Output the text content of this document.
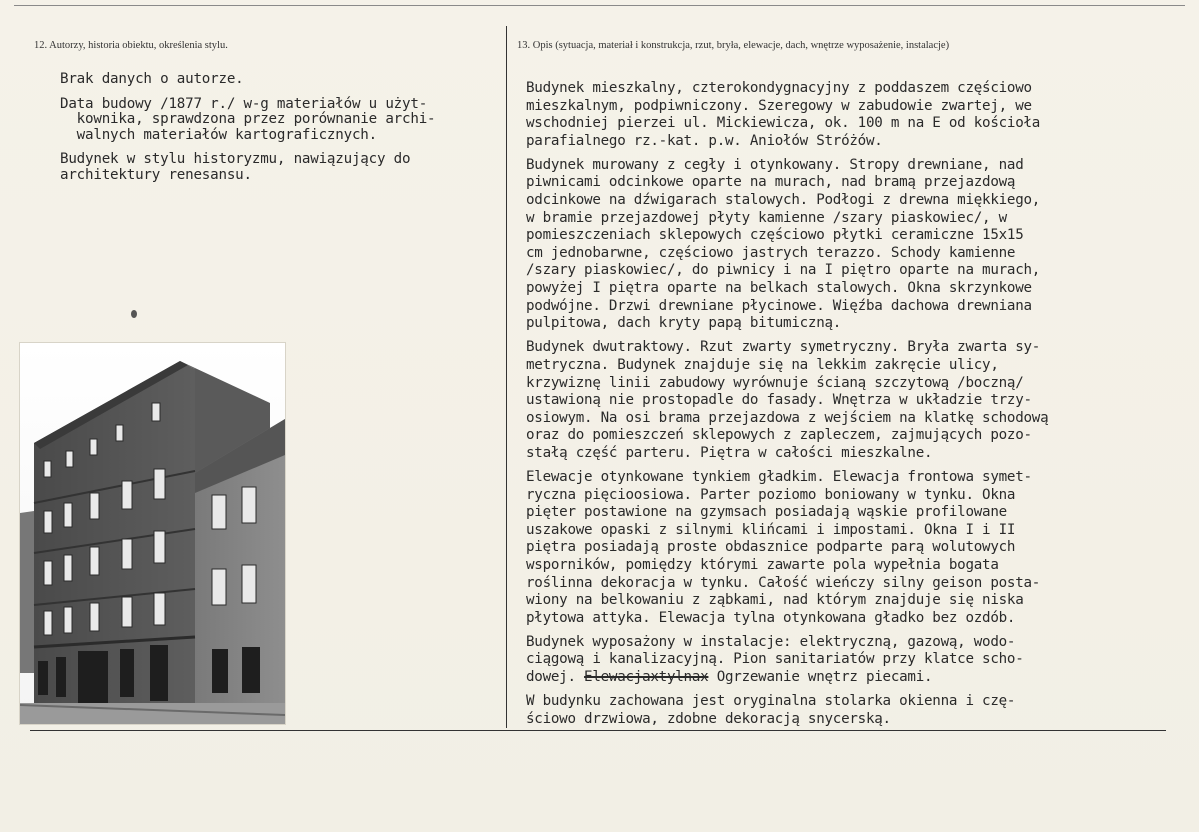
12. Autorzy, historia obiektu, określenia stylu.	13. Opis (sytuacja, materiał i konstrukcja, rzut, bryła, elewacje, dach, wnętrze wyposażenie, instalacje)
Brak danych o autorze.
Data budowy /1877 r./ w-g materiałów u użyt-
kownika, sprawdzona przez porównanie archi-
walnych materiałów kartograficznych.
Budynek w stylu historyzmu, nawiązujący do
architektury renesansu.
Budynek mieszkalny, czterokondygnacyjny z poddaszem częściowo
mieszkalnym, podpiwniczony. Szeregowy w zabudowie zwartej, we
wschodniej pierzei ul. Mickiewicza, ok. 100 m na E od kościoła
parafialnego rz.-kat. p.w. Aniołów Stróżów.
Budynek murowany z cegły i otynkowany. Stropy drewniane, nad
piwnicami odcinkowe oparte na murach, nad bramą przejazdową
odcinkowe na dźwigarach stalowych. Podłogi z drewna miękkiego,
w bramie przejazdowej płyty kamienne /szary piaskowiec/, w
pomieszczeniach sklepowych częściowo płytki ceramiczne 15x15
cm jednobarwne, częściowo jastrych terazzo. Schody kamienne
/szary piaskowiec/, do piwnicy i na I piętro oparte na murach,
powyżej I piętra oparte na belkach stalowych. Okna skrzynkowe
podwójne. Drzwi drewniane płycinowe. Więźba dachowa drewniana
pulpitowa, dach kryty papą bitumiczną.
Budynek dwutraktowy. Rzut zwarty symetryczny. Bryła zwarta sy-
metryczna. Budynek znajduje się na lekkim zakręcie ulicy,
krzywiznę linii zabudowy wyrównuje ścianą szczytową /boczną/
ustawioną nie prostopadle do fasady. Wnętrza w układzie trzy-
osiowym. Na osi brama przejazdowa z wejściem na klatkę schodową
oraz do pomieszczeń sklepowych z zapleczem, zajmujących pozo-
stałą część parteru. Piętra w całości mieszkalne.
Elewacje otynkowane tynkiem gładkim. Elewacja frontowa symet-
ryczna pięcioosiowa. Parter poziomo boniowany w tynku. Okna
pięter postawione na gzymsach posiadają wąskie profilowane
uszakowe opaski z silnymi klińcami i impostami. Okna I i II
piętra posiadają proste obdasznice podparte parą wolutowych
wsporników, pomiędzy którymi zawarte pola wypełnia bogata
roślinna dekoracja w tynku. Całość wieńczy silny geison posta-
wiony na belkowaniu z ząbkami, nad którym znajduje się niska
płytowa attyka. Elewacja tylna otynkowana gładko bez ozdób.
Budynek wyposażony w instalacje: elektryczną, gazową, wodo-
ciągową i kanalizacyjną. Pion sanitariatów przy klatce scho-
dowej. Elewacjaxtylnax Ogrzewanie wnętrz piecami.
W budynku zachowana jest oryginalna stolarka okienna i czę-
ściowo drzwiowa, zdobne dekoracją snycerską.
